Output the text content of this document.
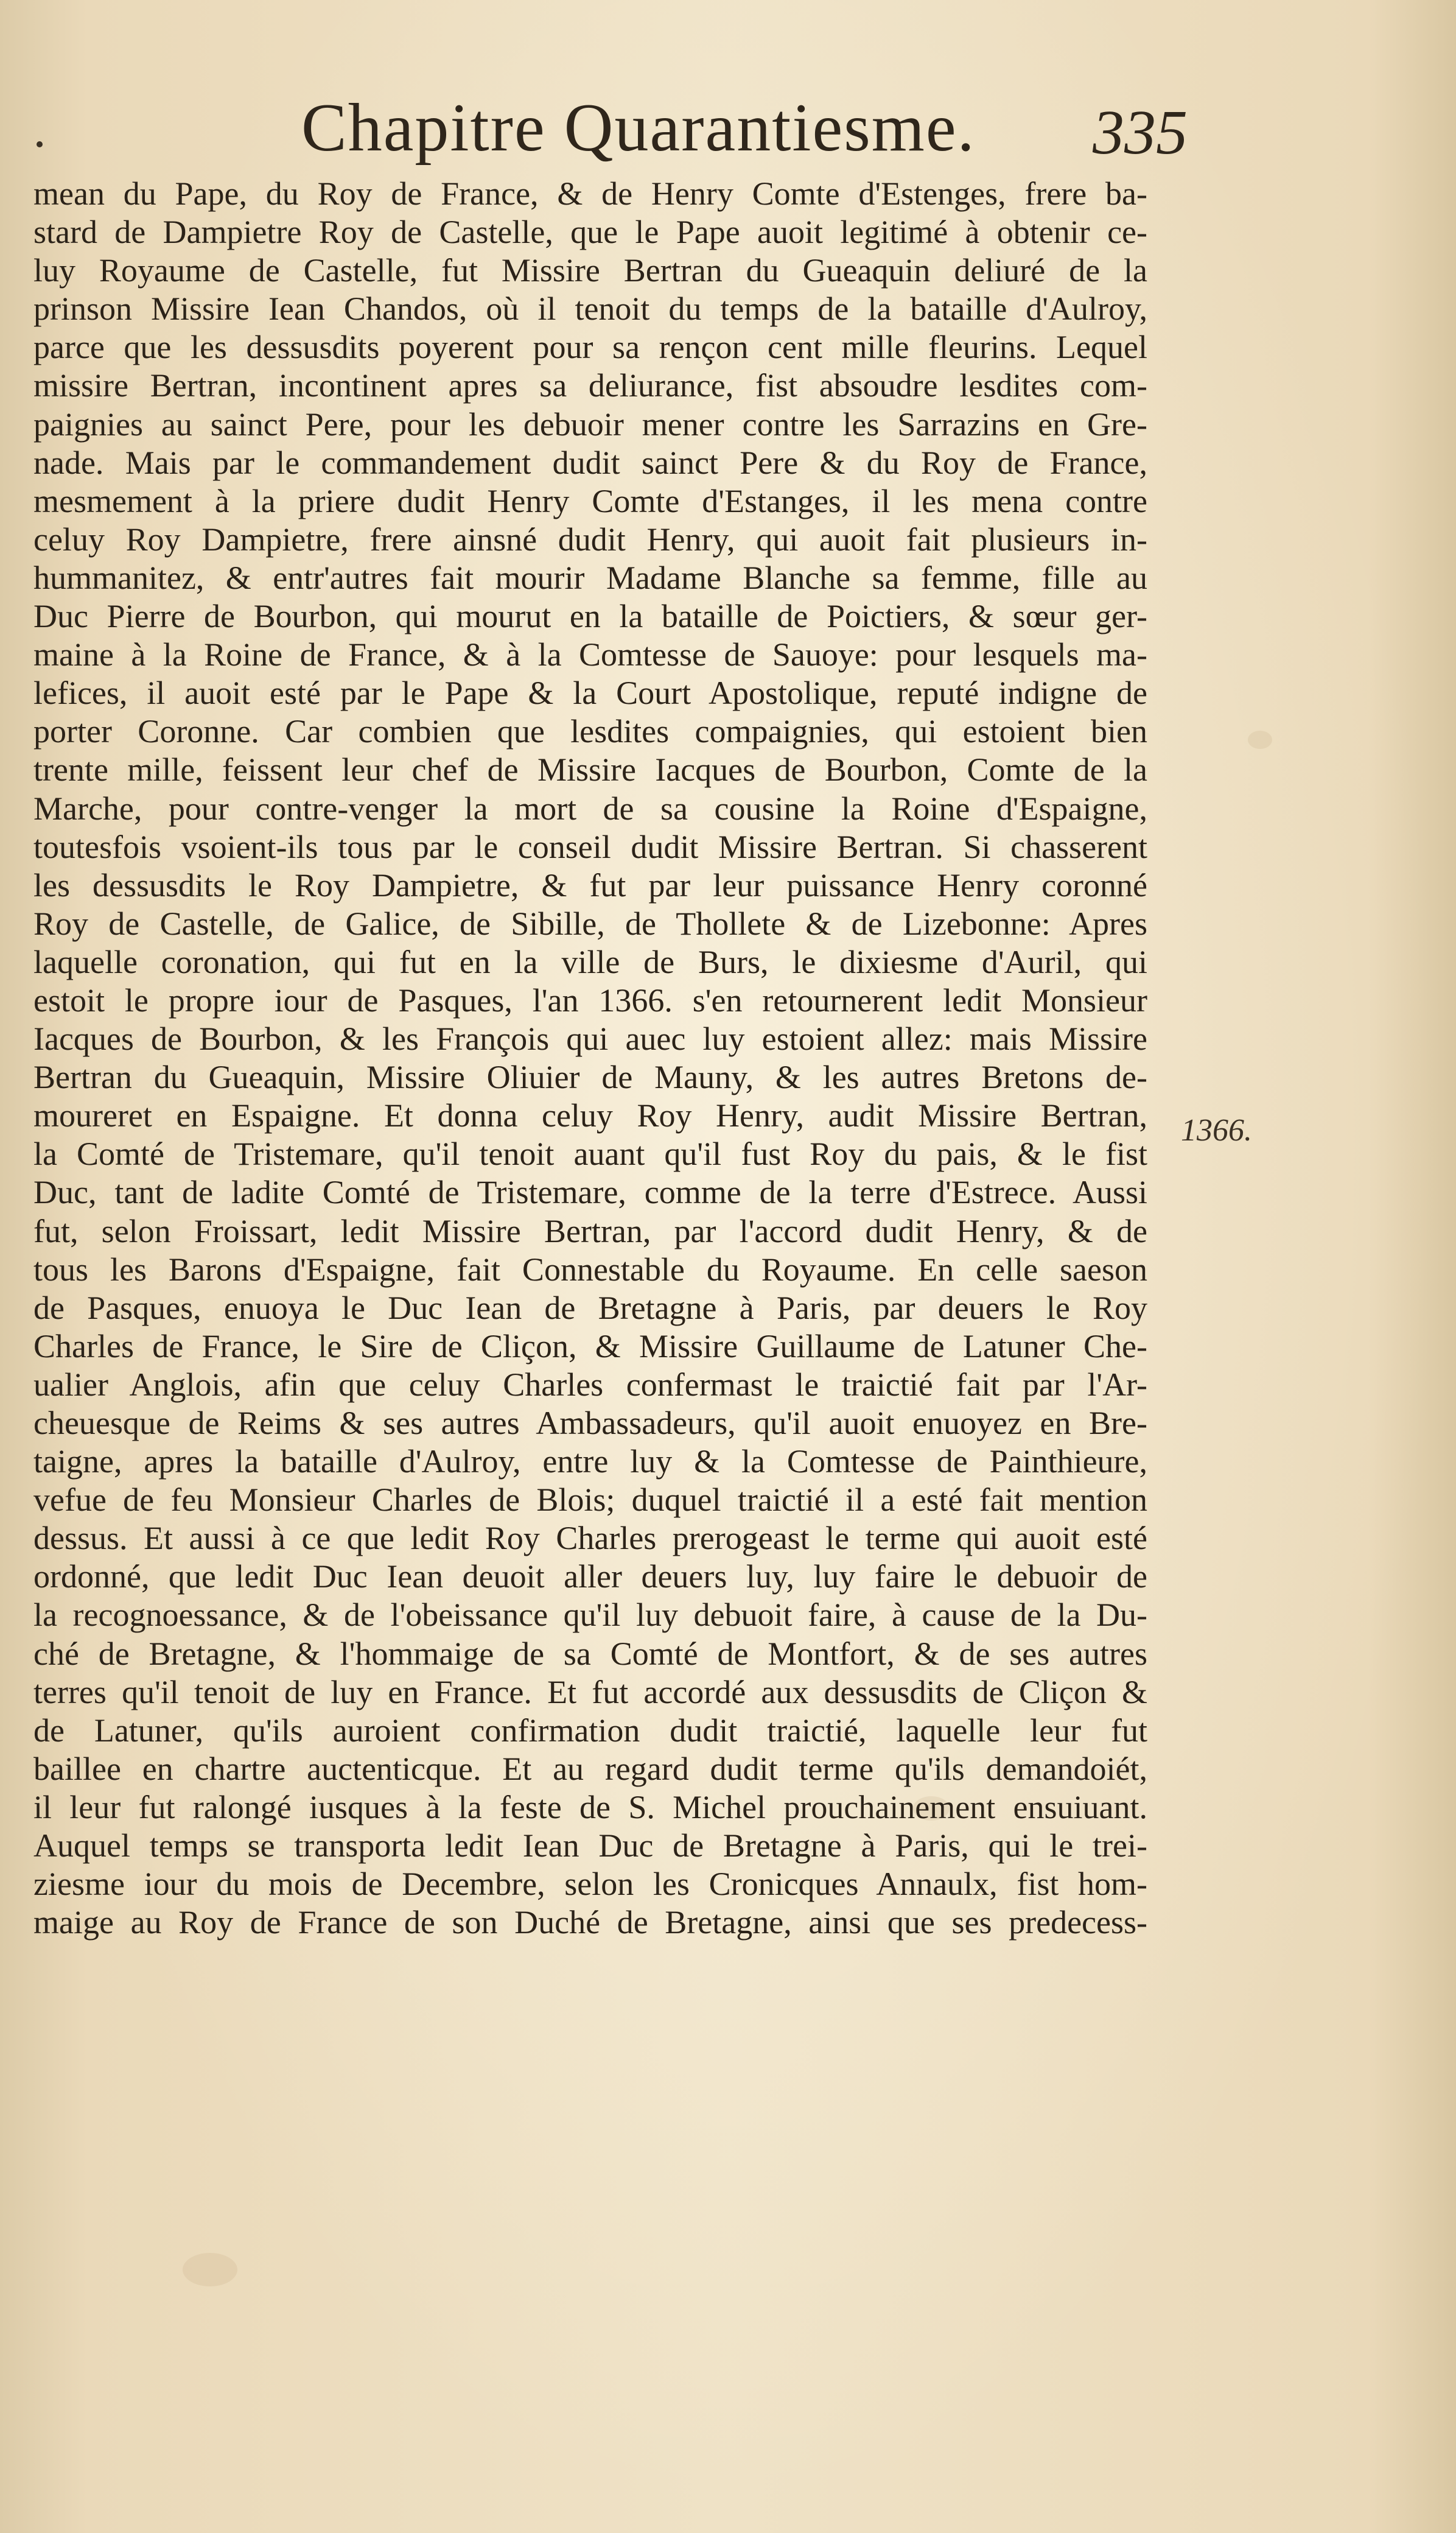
Chapitre Quarantiesme. 335
mean du Pape, du Roy de France, & de Henry Comte d'Estenges, frere ba-
stard de Dampietre Roy de Castelle, que le Pape auoit legitimé à obtenir ce-
luy Royaume de Castelle, fut Missire Bertran du Gueaquin deliuré de la
prinson Missire Iean Chandos, où il tenoit du temps de la bataille d'Aulroy,
parce que les dessusdits poyerent pour sa rençon cent mille fleurins. Lequel
missire Bertran, incontinent apres sa deliurance, fist absoudre lesdites com-
paignies au sainct Pere, pour les debuoir mener contre les Sarrazins en Gre-
nade. Mais par le commandement dudit sainct Pere & du Roy de France,
mesmement à la priere dudit Henry Comte d'Estanges, il les mena contre
celuy Roy Dampietre, frere ainsné dudit Henry, qui auoit fait plusieurs in-
hummanitez, & entr'autres fait mourir Madame Blanche sa femme, fille au
Duc Pierre de Bourbon, qui mourut en la bataille de Poictiers, & sœur ger-
maine à la Roine de France, & à la Comtesse de Sauoye: pour lesquels ma-
lefices, il auoit esté par le Pape & la Court Apostolique, reputé indigne de
porter Coronne. Car combien que lesdites compaignies, qui estoient bien
trente mille, feissent leur chef de Missire Iacques de Bourbon, Comte de la
Marche, pour contre-venger la mort de sa cousine la Roine d'Espaigne,
toutesfois vsoient-ils tous par le conseil dudit Missire Bertran. Si chasserent
les dessusdits le Roy Dampietre, & fut par leur puissance Henry coronné
Roy de Castelle, de Galice, de Sibille, de Thollete & de Lizebonne: Apres
laquelle coronation, qui fut en la ville de Burs, le dixiesme d'Auril, qui
estoit le propre iour de Pasques, l'an 1366. s'en retournerent ledit Monsieur
Iacques de Bourbon, & les François qui auec luy estoient allez: mais Missire
Bertran du Gueaquin, Missire Oliuier de Mauny, & les autres Bretons de-
moureret en Espaigne. Et donna celuy Roy Henry, audit Missire Bertran,
la Comté de Tristemare, qu'il tenoit auant qu'il fust Roy du pais, & le fist
Duc, tant de ladite Comté de Tristemare, comme de la terre d'Estrece. Aussi
fut, selon Froissart, ledit Missire Bertran, par l'accord dudit Henry, & de
tous les Barons d'Espaigne, fait Connestable du Royaume. En celle saeson
de Pasques, enuoya le Duc Iean de Bretagne à Paris, par deuers le Roy
Charles de France, le Sire de Cliçon, & Missire Guillaume de Latuner Che-
ualier Anglois, afin que celuy Charles confermast le traictié fait par l'Ar-
cheuesque de Reims & ses autres Ambassadeurs, qu'il auoit enuoyez en Bre-
taigne, apres la bataille d'Aulroy, entre luy & la Comtesse de Painthieure,
vefue de feu Monsieur Charles de Blois; duquel traictié il a esté fait mention
dessus. Et aussi à ce que ledit Roy Charles prerogeast le terme qui auoit esté
ordonné, que ledit Duc Iean deuoit aller deuers luy, luy faire le debuoir de
la recognoessance, & de l'obeissance qu'il luy debuoit faire, à cause de la Du-
ché de Bretagne, & l'hommaige de sa Comté de Montfort, & de ses autres
terres qu'il tenoit de luy en France. Et fut accordé aux dessusdits de Cliçon &
de Latuner, qu'ils auroient confirmation dudit traictié, laquelle leur fut
baillee en chartre auctenticque. Et au regard dudit terme qu'ils demandoiét,
il leur fut ralongé iusques à la feste de S. Michel prouchainement ensuiuant.
Auquel temps se transporta ledit Iean Duc de Bretagne à Paris, qui le trei-
ziesme iour du mois de Decembre, selon les Cronicques Annaulx, fist hom-
maige au Roy de France de son Duché de Bretagne, ainsi que ses predecess-
1366.
